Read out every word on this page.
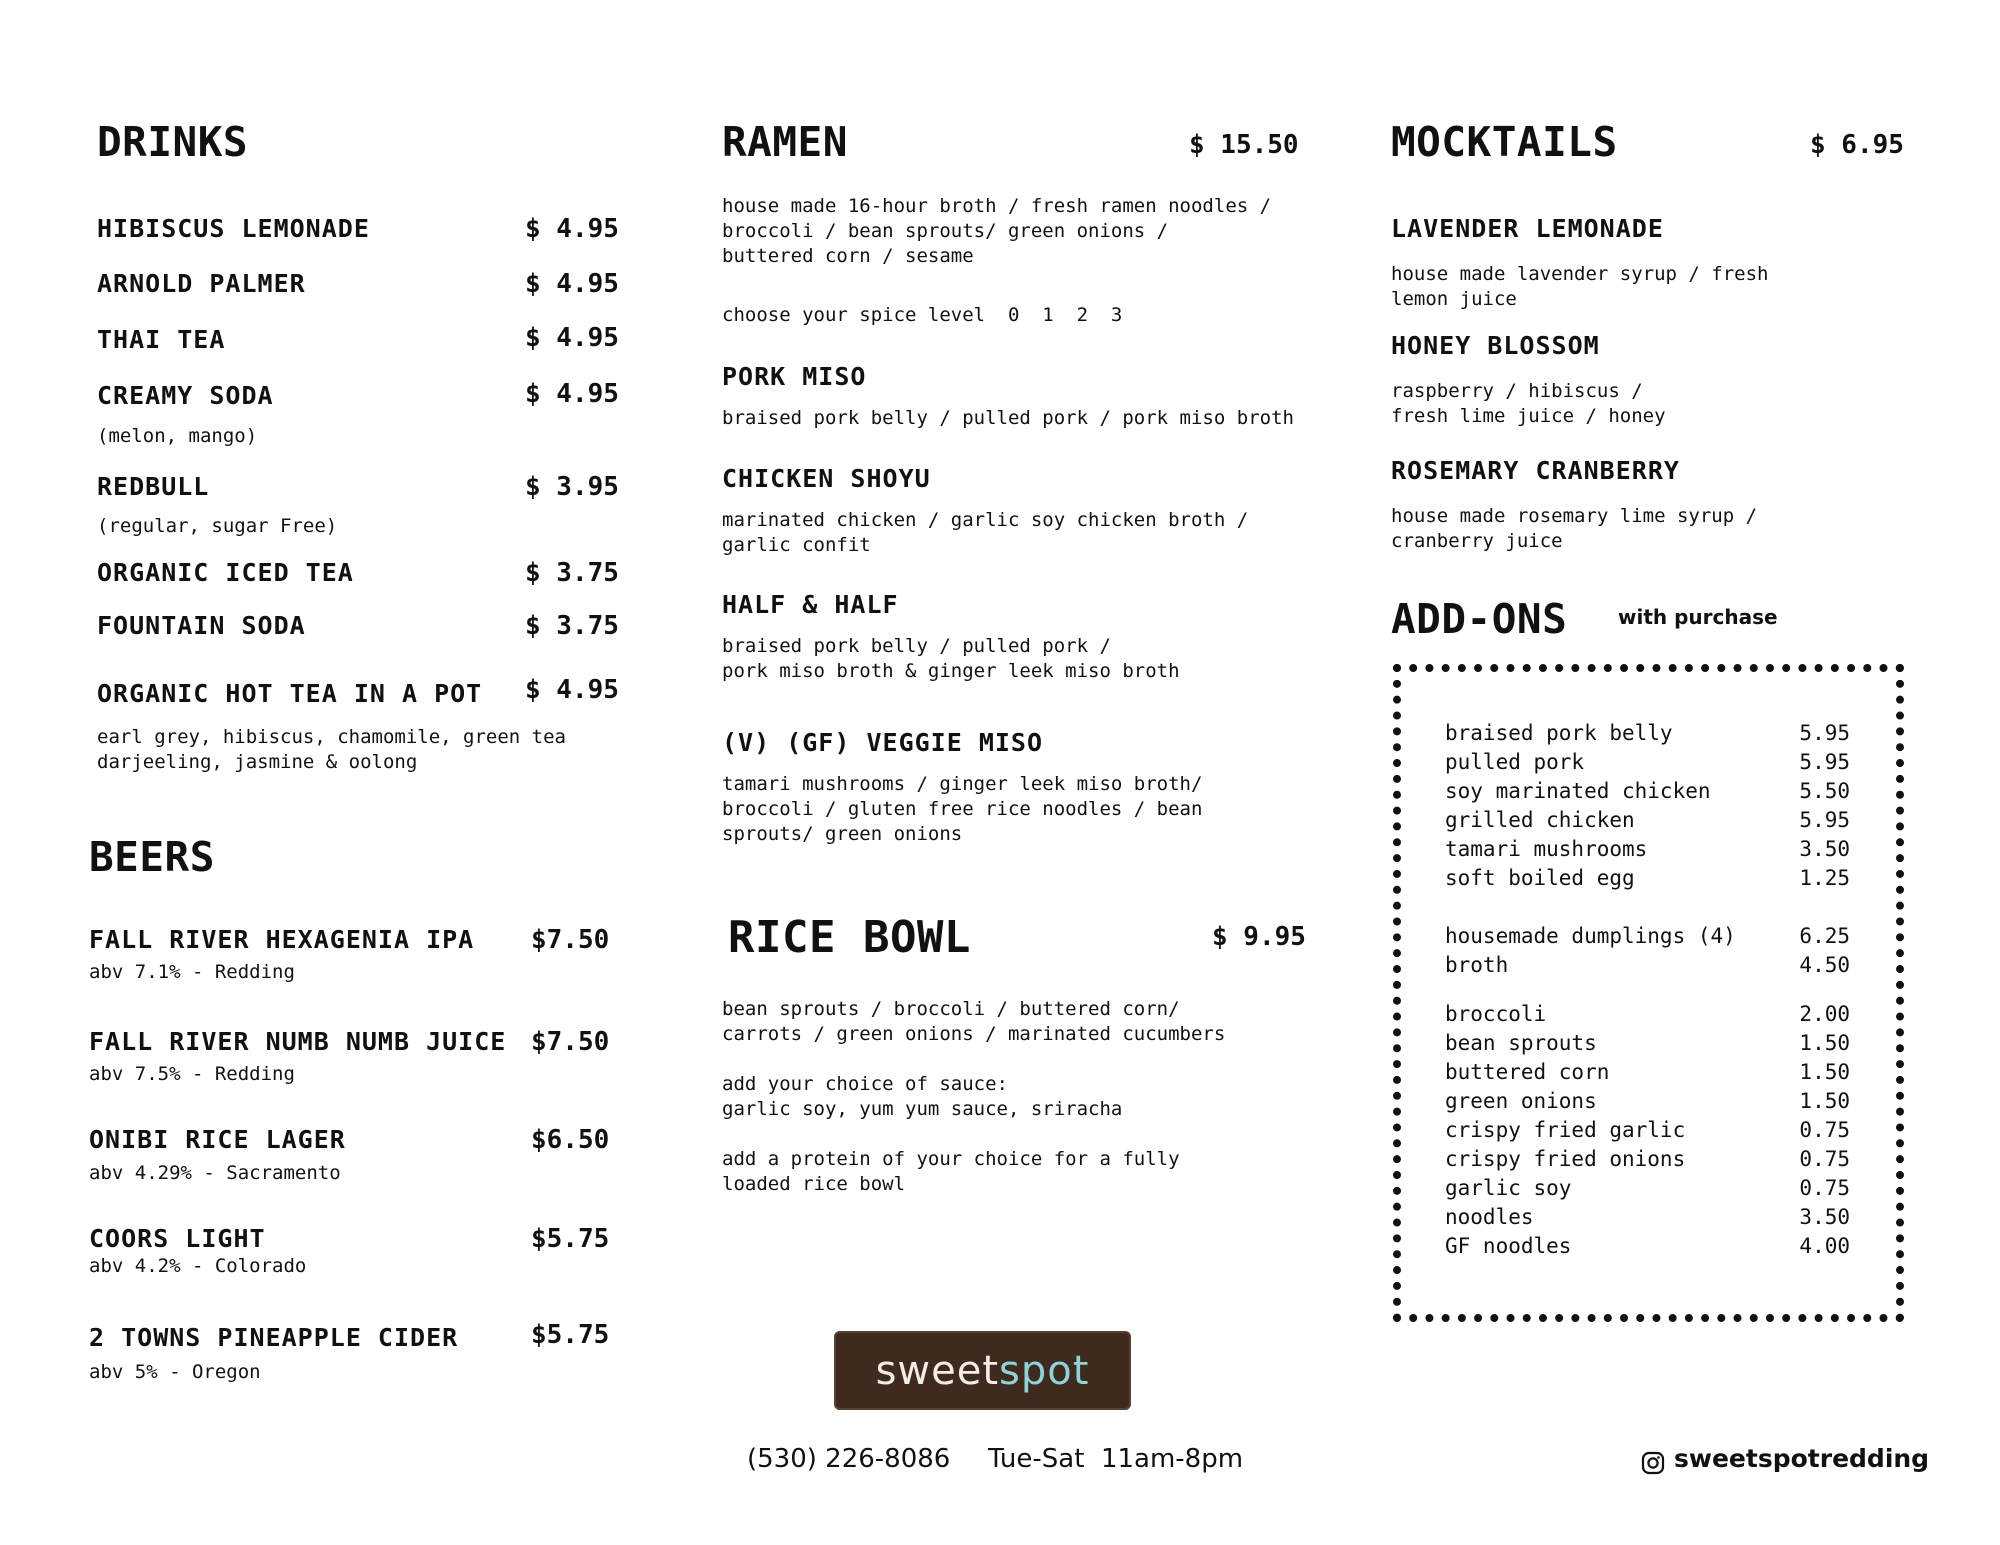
DRINKS
HIBISCUS LEMONADE	$ 4.95
ARNOLD PALMER	$ 4.95
THAI TEA	$ 4.95
CREAMY SODA	$ 4.95
(melon, mango)
REDBULL	$ 3.95
(regular, sugar Free)
ORGANIC ICED TEA	$ 3.75
FOUNTAIN SODA	$ 3.75
ORGANIC HOT TEA IN A POT $ 4.95
earl grey, hibiscus, chamomile, green tea
darjeeling, jasmine & oolong
BEERS
FALL RIVER HEXAGENIA IPA $7.50
abv 7.1% - Redding
FALL RIVER NUMB NUMB JUICE $7.50
abv 7.5% - Redding
ONIBI RICE LAGER	$6.50
abv 4.29% - Sacramento
COORS LIGHT	$5.75
abv 4.2% - Colorado
2 TOWNS PINEAPPLE CIDER	$5.75
abv 5% - Oregon
RAMEN	$ 15.50
house made 16-hour broth / fresh ramen noodles /
broccoli / bean sprouts/ green onions /
buttered corn / sesame
choose your spice level  0  1  2  3
PORK MISO
braised pork belly / pulled pork / pork miso broth
CHICKEN SHOYU
marinated chicken / garlic soy chicken broth /
garlic confit
HALF & HALF
braised pork belly / pulled pork /
pork miso broth & ginger leek miso broth
(V) (GF) VEGGIE MISO
tamari mushrooms / ginger leek miso broth/
broccoli / gluten free rice noodles / bean
sprouts/ green onions
RICE BOWL	$ 9.95
bean sprouts / broccoli / buttered corn/
carrots / green onions / marinated cucumbers

add your choice of sauce:
garlic soy, yum yum sauce, sriracha

add a protein of your choice for a fully
loaded rice bowl
sweet spot
(530) 226-8086 Tue-Sat  11am-8pm	sweetspotredding
MOCKTAILS	$ 6.95
LAVENDER LEMONADE
house made lavender syrup / fresh
lemon juice
HONEY BLOSSOM
raspberry / hibiscus /
fresh lime juice / honey
ROSEMARY CRANBERRY
house made rosemary lime syrup /
cranberry juice
ADD-ONS	with purchase
braised pork belly	5.95
pulled pork	5.95
soy marinated chicken	5.50
grilled chicken	5.95
tamari mushrooms	3.50
soft boiled egg	1.25
housemade dumplings (4)	6.25
broth	4.50
broccoli	2.00
bean sprouts	1.50
buttered corn	1.50
green onions	1.50
crispy fried garlic	0.75
crispy fried onions	0.75
garlic soy	0.75
noodles	3.50
GF noodles	4.00
